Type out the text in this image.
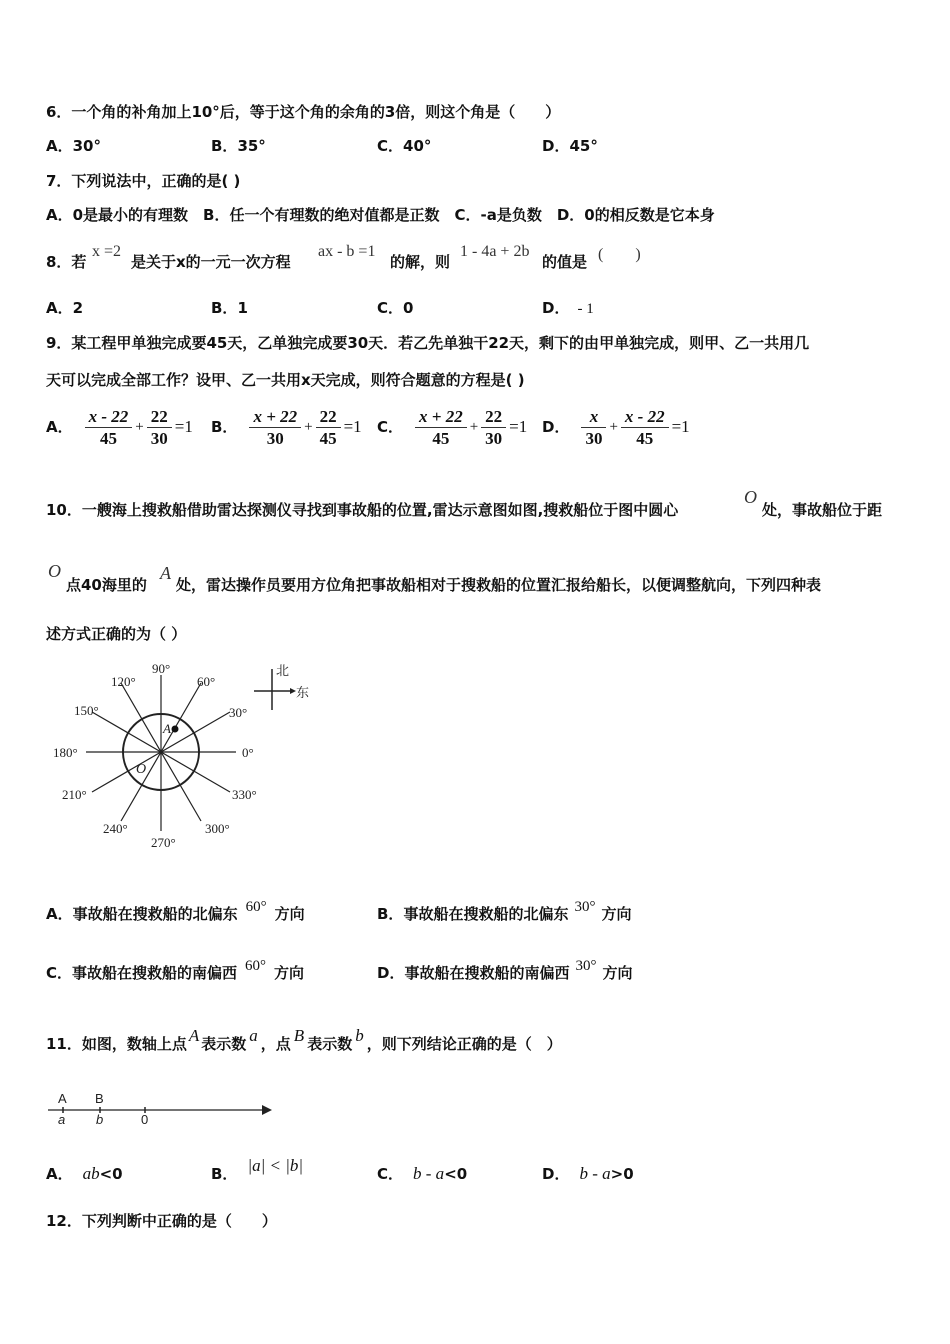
6．一个角的补角加上10°后，等于这个角的余角的3倍，则这个角是（　　）
A．30°	B．35°	C．40°	D．45°
7．下列说法中，正确的是( )
A．0是最小的有理数　B．任一个有理数的绝对值都是正数　C．-a是负数　D．0的相反数是它本身
8．若
x =2
是关于x的一元一次方程
ax - b =1
的解，则
1 - 4a + 2b
的值是 (　　)
A．2	B．1	C．0	D． - 1
9．某工程甲单独完成要45天，乙单独完成要30天．若乙先单独干22天，剩下的由甲单独完成，则甲、乙一共用几
天可以完成全部工作？设甲、乙一共用x天完成，则符合题意的方程是( )
A． $\frac{x - 22}{45} + \frac{22}{30} =1$ B． $\frac{x + 22}{30} + \frac{22}{45} =1$ C． $\frac{x + 22}{45} + \frac{22}{30} =1$ D． $\frac{x}{30} + \frac{x - 22}{45} =1$
10．一艘海上搜救船借助雷达探测仪寻找到事故船的位置,雷达示意图如图,搜救船位于图中圆心
O
处，事故船位于距
O
点40海里的
A
处，雷达操作员要用方位角把事故船相对于搜救船的位置汇报给船长，以便调整航向，下列四种表
述方式正确的为（ ）
90°
60°
30°
0°
330°
300°
270°
240°
210°
180°
150°
120°
O
A
北
东
A．事故船在搜救船的北偏东 60° 方向	B．事故船在搜救船的北偏东 30° 方向
C．事故船在搜救船的南偏西 60° 方向	D．事故船在搜救船的南偏西 30° 方向
11．如图，数轴上点 A 表示数 a ，点 B 表示数 b ，则下列结论正确的是（　）
A B
a b	0
A． ab<0	B． |a| < |b|	C． b - a<0	D． b - a>0
12．下列判断中正确的是（　　）
